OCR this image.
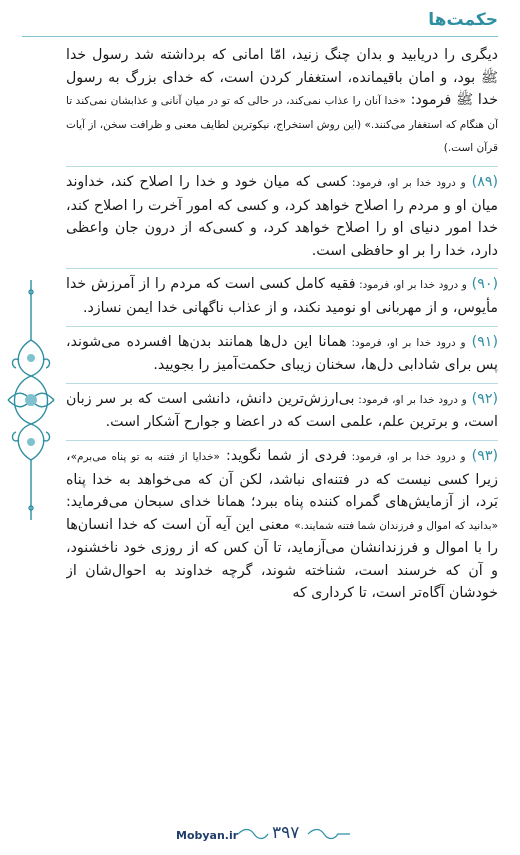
حکمت‌ها

دیگری را دریابید و بدان چنگ زنید، امّا امانی که برداشته شد رسول خدا ﷺ بود، و امان باقیمانده، استغفار کردن است، که خدای بزرگ به رسول خدا ﷺ فرمود: «خدا آنان را عذاب نمی‌کند، در حالی که تو در میان آنانی و عذابشان نمی‌کند تا آن هنگام که استغفار می‌کنند.» (این روش استخراج، نیکوترین لطایف معنی و ظرافت سخن، از آیات قرآن است.)

(۸۹) و درود خدا بر او، فرمود: کسی که میان خود و خدا را اصلاح کند، خداوند میان او و مردم را اصلاح خواهد کرد، و کسی که امور آخرت را اصلاح کند، خدا امور دنیای او را اصلاح خواهد کرد، و کسی‌که از درون جان واعظی دارد، خدا را بر او حافظی است.

(۹۰) و درود خدا بر او، فرمود: فقیه کامل کسی است که مردم را از آمرزش خدا مأیوس، و از مهربانی او نومید نکند، و از عذاب ناگهانی خدا ایمن نسازد.

(۹۱) و درود خدا بر او، فرمود: همانا این دل‌ها همانند بدن‌ها افسرده می‌شوند، پس برای شادابی دل‌ها، سخنان زیبای حکمت‌آمیز را بجویید.

(۹۲) و درود خدا بر او، فرمود: بی‌ارزش‌ترین دانش، دانشی است که بر سر زبان است، و برترین علم، علمی است که در اعضا و جوارح آشکار است.

(۹۳) و درود خدا بر او، فرمود: فردی از شما نگوید: «خدایا از فتنه به تو پناه می‌برم»، زیرا کسی نیست که در فتنه‌ای نباشد، لکن آن که می‌خواهد به خدا پناه بَرد، از آزمایش‌های گمراه کننده پناه ببرد؛ همانا خدای سبحان می‌فرماید: «بدانید که اموال و فرزندان شما فتنه شمایند.» معنی این آیه آن است که خدا انسان‌ها را با اموال و فرزندانشان می‌آزماید، تا آن کس که از روزی خود ناخشنود، و آن که خرسند است، شناخته شوند، گرچه خداوند به احوال‌شان از خودشان آگاه‌تر است، تا کرداری که

Mobyan.ir ۳۹۷
